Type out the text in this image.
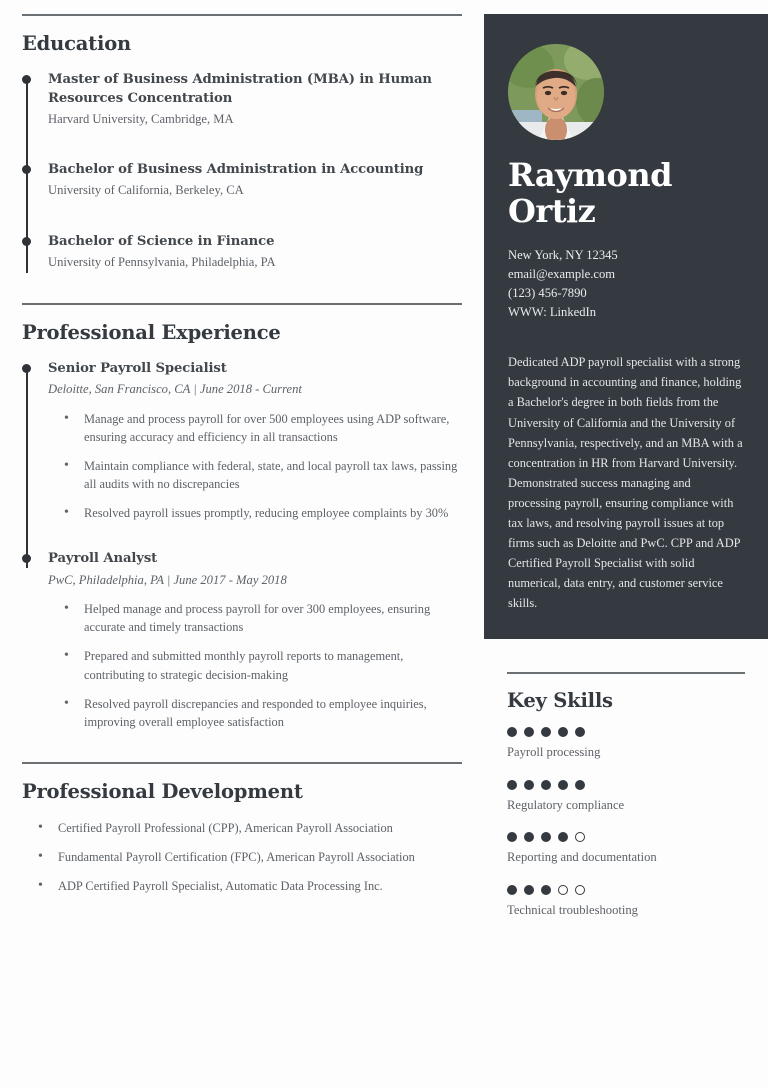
Education
Master of Business Administration (MBA) in Human Resources Concentration
Harvard University, Cambridge, MA
Bachelor of Business Administration in Accounting
University of California, Berkeley, CA
Bachelor of Science in Finance
University of Pennsylvania, Philadelphia, PA
Professional Experience
Senior Payroll Specialist
Deloitte, San Francisco, CA | June 2018 - Current
• Manage and process payroll for over 500 employees using ADP software, ensuring accuracy and efficiency in all transactions
• Maintain compliance with federal, state, and local payroll tax laws, passing all audits with no discrepancies
• Resolved payroll issues promptly, reducing employee complaints by 30%
Payroll Analyst
PwC, Philadelphia, PA | June 2017 - May 2018
• Helped manage and process payroll for over 300 employees, ensuring accurate and timely transactions
• Prepared and submitted monthly payroll reports to management, contributing to strategic decision-making
• Resolved payroll discrepancies and responded to employee inquiries, improving overall employee satisfaction
Professional Development
• Certified Payroll Professional (CPP), American Payroll Association
• Fundamental Payroll Certification (FPC), American Payroll Association
• ADP Certified Payroll Specialist, Automatic Data Processing Inc.
Raymond
Ortiz
New York, NY 12345
email@example.com
(123) 456-7890
WWW: LinkedIn
Dedicated ADP payroll specialist with a strong background in accounting and finance, holding a Bachelor's degree in both fields from the University of California and the University of Pennsylvania, respectively, and an MBA with a concentration in HR from Harvard University. Demonstrated success managing and processing payroll, ensuring compliance with tax laws, and resolving payroll issues at top firms such as Deloitte and PwC. CPP and ADP Certified Payroll Specialist with solid numerical, data entry, and customer service skills.
Key Skills
Payroll processing
Regulatory compliance
Reporting and documentation
Technical troubleshooting
